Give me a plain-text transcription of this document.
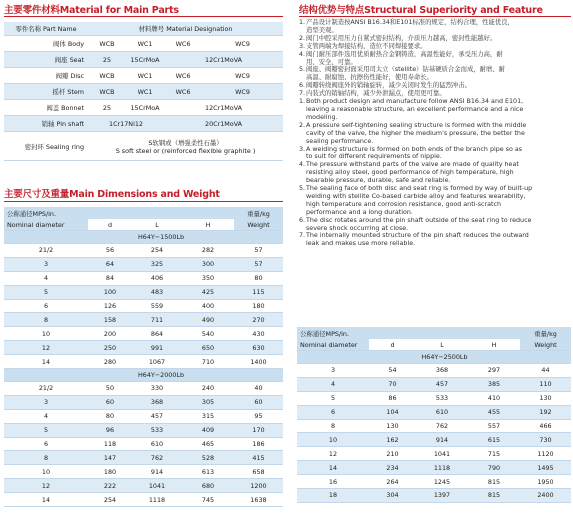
主要零件材料Material for Main Parts
零件名称 Part Name	材料牌号 Material Designation			
阀体 Body	WCB	WC1	WC6	WC9
阀座 Seat	25	15CrMoA	12Cr1MoVA	
阀瓣 Disc	WCB	WC1	WC6	WC9
摇杆 Stem	WCB	WC1	WC6	WC9
阀盖 Bonnet	25	15CrMoA	12Cr1MoVA	
销轴 Pin shaft	1Cr17Ni12		20Cr1MoVA	
密封环 Sealing ring	S软钢或（增强柔性石墨）
S soft steel or (reinforced flexible graphite )			
主要尺寸及重量Main Dimensions and Weight
公称通径MPS/in.				重量/kg
Nominal diameter	d	L	H	Weight
	H64Y−1500Lb			
21/2	56	254	282	57
3	64	325	300	57
4	84	406	350	80
5	100	483	425	115
6	126	559	400	180
8	158	711	490	270
10	200	864	540	430
12	250	991	650	630
14	280	1067	710	1400
	H64Y−2000Lb			
21/2	50	330	240	40
3	60	368	305	60
4	80	457	315	95
5	96	533	409	170
6	118	610	465	186
8	147	762	528	415
10	180	914	613	658
12	222	1041	680	1200
14	254	1118	745	1638
结构优势与特点Structural Superiority and Feature
1. 产品设计制造按ANSI B16.34和E101标准的规定，结构合理，性能优良，
造型美观。
2. 阀门中腔采用压力自紧式密封结构，介质压力越高，密封性能越好。
3. 支管两端为焊接结构，造位不同焊接要求。
4. 阀门耐压部件选用优质耐热合金钢铸造，高温性能好，承受压力高，耐
用、安全、可靠。
5. 阀座、阀瓣密封面采用司太立（stellite）钴基硬质合金而成，耐磨、耐
高温、耐腐蚀、抗擦伤性能好，使用寿命长。
6. 阀瓣转绕阀座外的销轴旋转，减少关闭时发生的猛烈冲击。
7. 内装式的销轴结构，减少外泄漏点，使用更可靠。
1. Both product design and manufacture follow ANSI B16.34 and E101,
leaving a reasonable structure, an excellent performance and a nice
modeling.
2. A pressure self-tightening sealing structure is formed with the middle
cavity of the valve, the higher the medium's pressure, the better the
sealing performance.
3. A welding structure is formed on both ends of the branch pipe so as
to suit for different requirements of nipple.
4. The pressure withstand parts of the valve are made of quality heat
resisting alloy steel, good performance of high temperature, high
bearable pressure, durable, safe and reliable.
5. The sealing face of both disc and seat ring is formed by way of built-up
welding with stellite Co-based carbide alloy and features wearability,
high temperature and corrosion resistance, good anti-scratch
performance and a long duration.
6. The disc rotates around the pin shaft outside of the seat ring to reduce
severe shock occurring at close.
7. The internally mounted structure of the pin shaft reduces the outward
leak and makes use more reliable.
公称通径MPS/in.				重量/kg
Nominal diameter	d	L	H	Weight
	H64Y−2500Lb			
3	54	368	297	44
4	70	457	385	110
5	86	533	410	130
6	104	610	455	192
8	130	762	557	466
10	162	914	615	730
12	210	1041	715	1120
14	234	1118	790	1495
16	264	1245	815	1950
18	304	1397	815	2400
